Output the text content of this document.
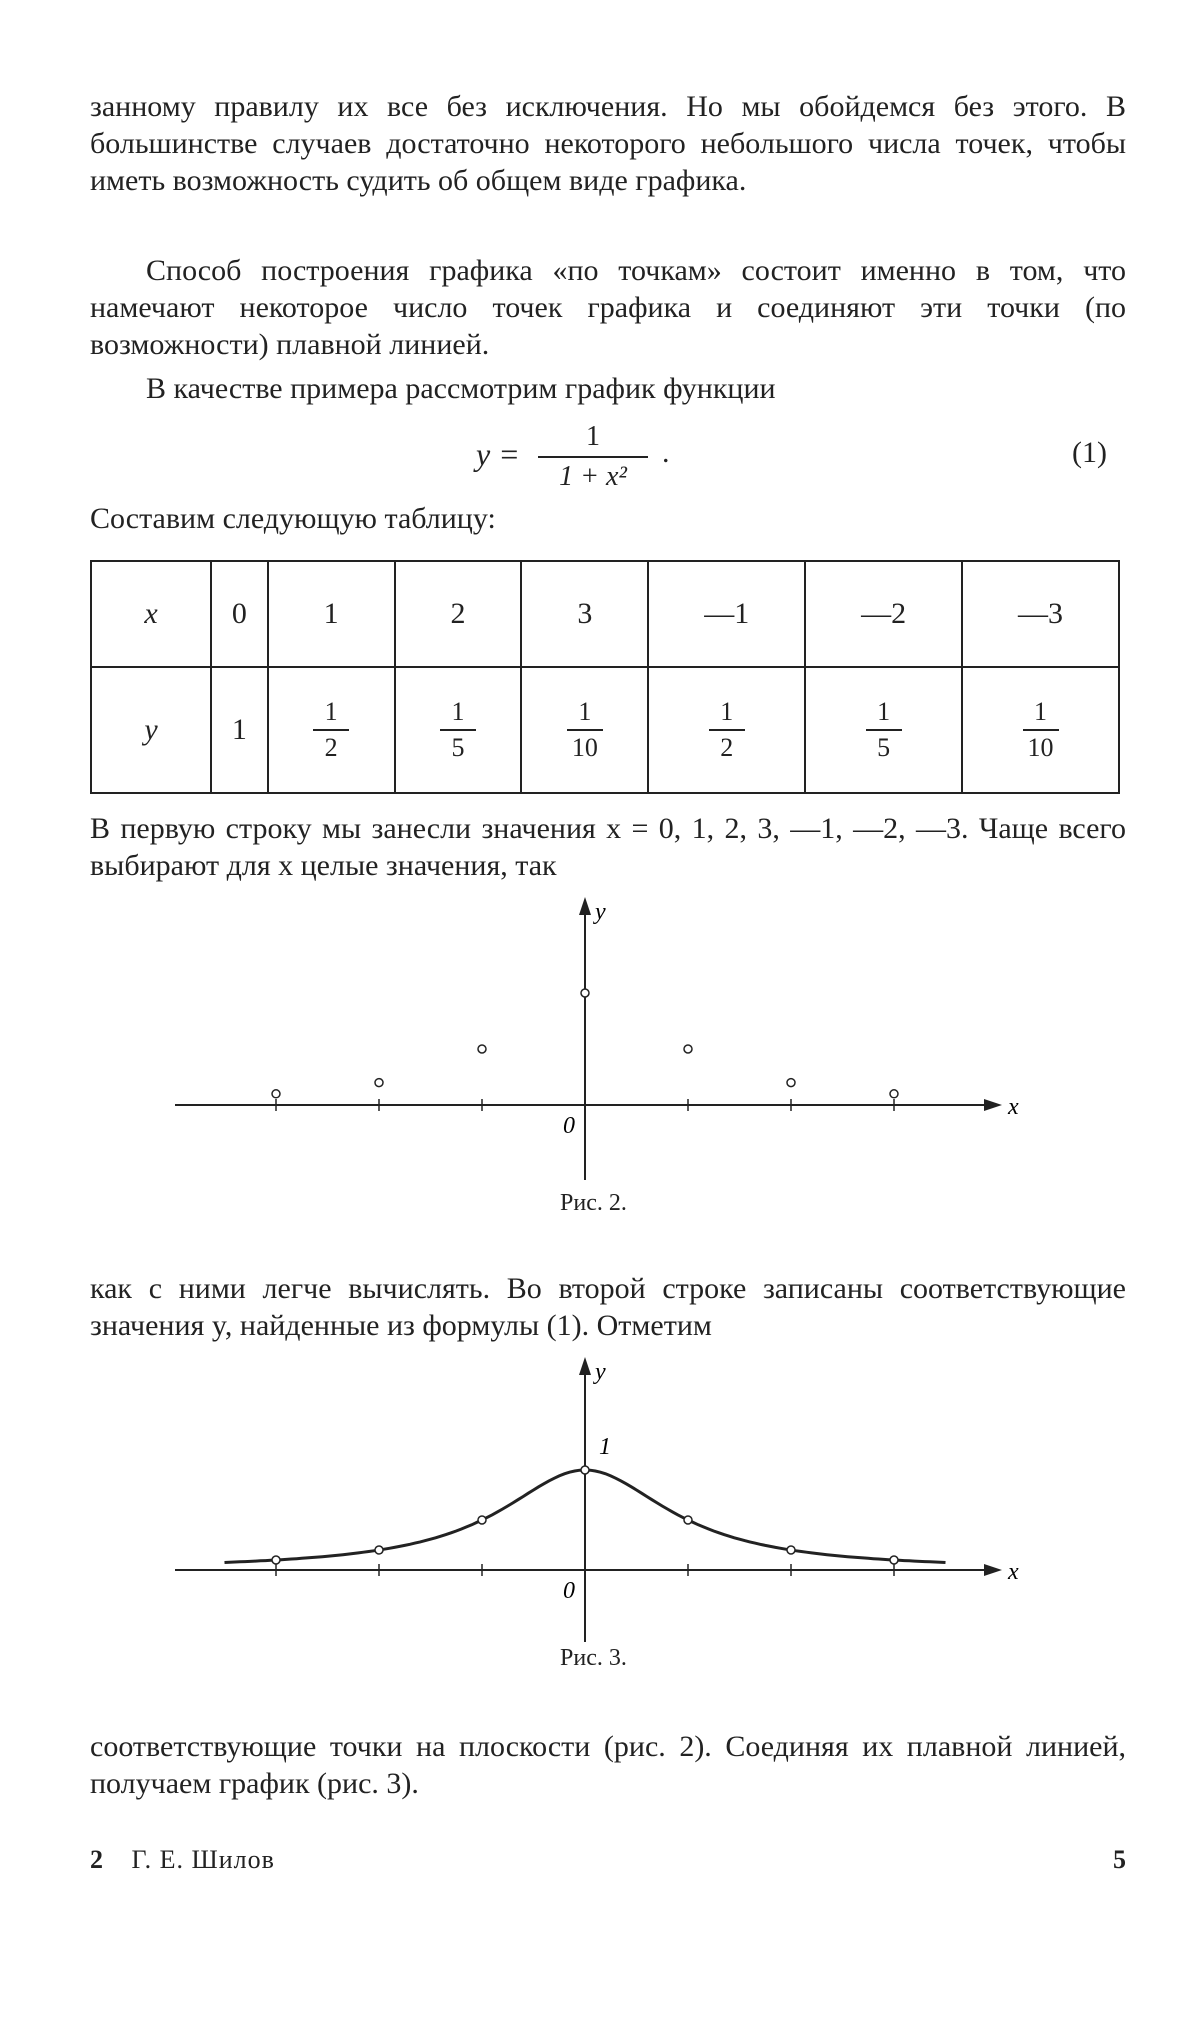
занному правилу их все без исключения. Но мы обойдемся без этого. В большинстве случаев достаточно некоторого небольшого числа точек, чтобы иметь возможность судить об общем виде графика.

Способ построения графика «по точкам» состоит именно в том, что намечают некоторое число точек графика и соединяют эти точки (по возможности) плавной линией.

В качестве примера рассмотрим график функции

y =	1
1 + x²
.	(1)
Составим следующую таблицу:
x	0	1	2	3	—1	—2	—3
y	1	$\frac{1}{2}$	$\frac{1}{5}$	$\frac{1}{10}$	$\frac{1}{2}$	$\frac{1}{5}$	$\frac{1}{10}$

В первую строку мы занесли значения x = 0, 1, 2, 3, —1, —2, —3. Чаще всего выбирают для x целые значения, так

x
y
0
Рис. 2.

как с ними легче вычислять. Во второй строке записаны соответствующие значения y, найденные из формулы (1). Отметим

x
y
0
1
Рис. 3.

соответствующие точки на плоскости (рис. 2). Соединяя их плавной линией, получаем график (рис. 3).

2 Г. Е. Шилов	5
